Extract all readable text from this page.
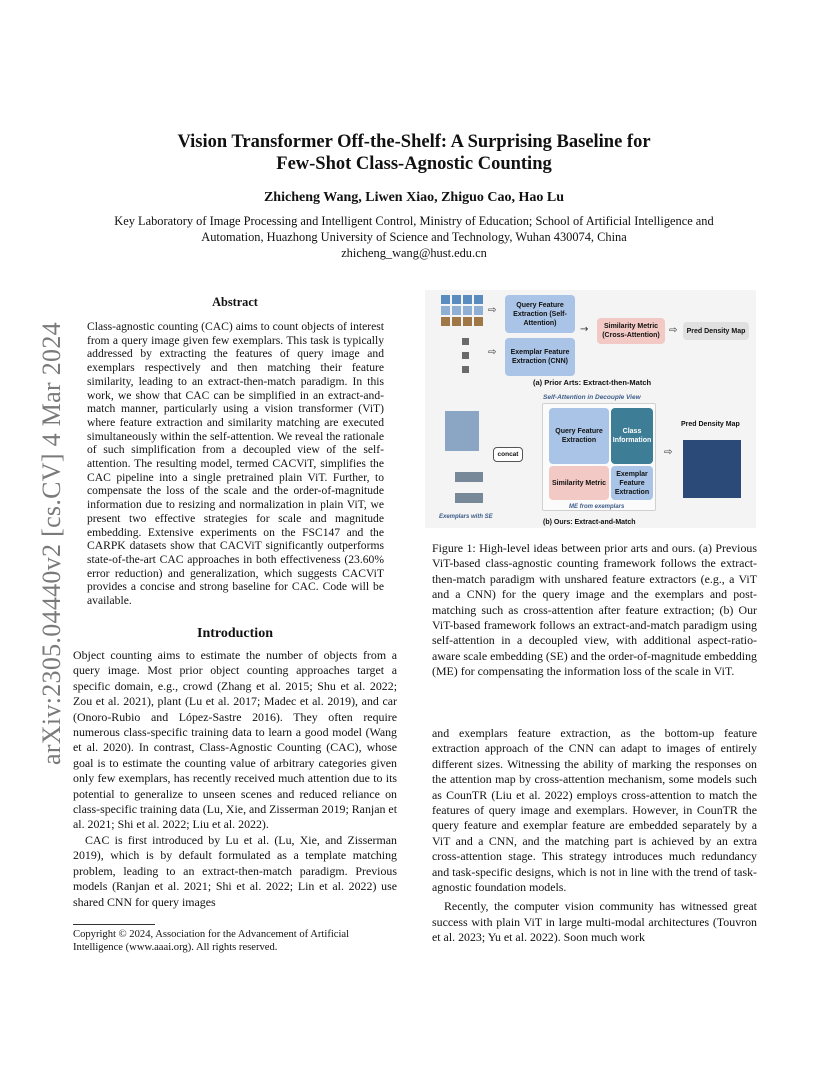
arXiv:2305.04440v2 [cs.CV] 4 Mar 2024
Vision Transformer Off-the-Shelf: A Surprising Baseline for
Few-Shot Class-Agnostic Counting
Zhicheng Wang, Liwen Xiao, Zhiguo Cao, Hao Lu
Key Laboratory of Image Processing and Intelligent Control, Ministry of Education; School of Artificial Intelligence and
Automation, Huazhong University of Science and Technology, Wuhan 430074, China
zhicheng_wang@hust.edu.cn
Abstract
Class-agnostic counting (CAC) aims to count objects of interest from a query image given few exemplars. This task is typically addressed by extracting the features of query image and exemplars respectively and then matching their feature similarity, leading to an extract-then-match paradigm. In this work, we show that CAC can be simplified in an extract-and-match manner, particularly using a vision transformer (ViT) where feature extraction and similarity matching are executed simultaneously within the self-attention. We reveal the rationale of such simplification from a decoupled view of the self-attention. The resulting model, termed CACViT, simplifies the CAC pipeline into a single pretrained plain ViT. Further, to compensate the loss of the scale and the order-of-magnitude information due to resizing and normalization in plain ViT, we present two effective strategies for scale and magnitude embedding. Extensive experiments on the FSC147 and the CARPK datasets show that CACViT significantly outperforms state-of-the-art CAC approaches in both effectiveness (23.60% error reduction) and generalization, which suggests CACViT provides a concise and strong baseline for CAC. Code will be available.
Introduction

Object counting aims to estimate the number of objects from a query image. Most prior object counting approaches target a specific domain, e.g., crowd (Zhang et al. 2015; Shu et al. 2022; Zou et al. 2021), plant (Lu et al. 2017; Madec et al. 2019), and car (Onoro-Rubio and López-Sastre 2016). They often require numerous class-specific training data to learn a good model (Wang et al. 2020). In contrast, Class-Agnostic Counting (CAC), whose goal is to estimate the counting value of arbitrary categories given only few exemplars, has recently received much attention due to its potential to generalize to unseen scenes and reduced reliance on class-specific training data (Lu, Xie, and Zisserman 2019; Ranjan et al. 2021; Shi et al. 2022; Liu et al. 2022).

CAC is first introduced by Lu et al. (Lu, Xie, and Zisserman 2019), which is by default formulated as a template matching problem, leading to an extract-then-match paradigm. Previous models (Ranjan et al. 2021; Shi et al. 2022; Lin et al. 2022) use shared CNN for query images

Copyright © 2024, Association for the Advancement of Artificial Intelligence (www.aaai.org). All rights reserved.
⇨	Query Feature Extraction (Self-Attention)
⇨	Exemplar Feature Extraction (CNN)
→	Similarity Metric (Cross-Attention) ⇨	Pred Density Map
(a) Prior Arts: Extract-then-Match
Self-Attention in Decouple View
Query Feature Extraction
Class Information
Similarity Metric
Exemplar Feature Extraction
concat
Exemplars with SE
ME from exemplars
(b) Ours: Extract-and-Match
⇨
Pred Density Map
Figure 1: High-level ideas between prior arts and ours. (a) Previous ViT-based class-agnostic counting framework follows the extract-then-match paradigm with unshared feature extractors (e.g., a ViT and a CNN) for the query image and the exemplars and post-matching such as cross-attention after feature extraction; (b) Our ViT-based framework follows an extract-and-match paradigm using self-attention in a decoupled view, with additional aspect-ratio-aware scale embedding (SE) and the order-of-magnitude embedding (ME) for compensating the information loss of the scale in ViT.

and exemplars feature extraction, as the bottom-up feature extraction approach of the CNN can adapt to images of entirely different sizes. Witnessing the ability of marking the responses on the attention map by cross-attention mechanism, some models such as CounTR (Liu et al. 2022) employs cross-attention to match the features of query image and exemplars. However, in CounTR the query feature and exemplar feature are embedded separately by a ViT and a CNN, and the matching part is achieved by an extra cross-attention stage. This strategy introduces much redundancy and task-specific designs, which is not in line with the trend of task-agnostic foundation models.

Recently, the computer vision community has witnessed great success with plain ViT in large multi-modal architectures (Touvron et al. 2023; Yu et al. 2022). Soon much work
